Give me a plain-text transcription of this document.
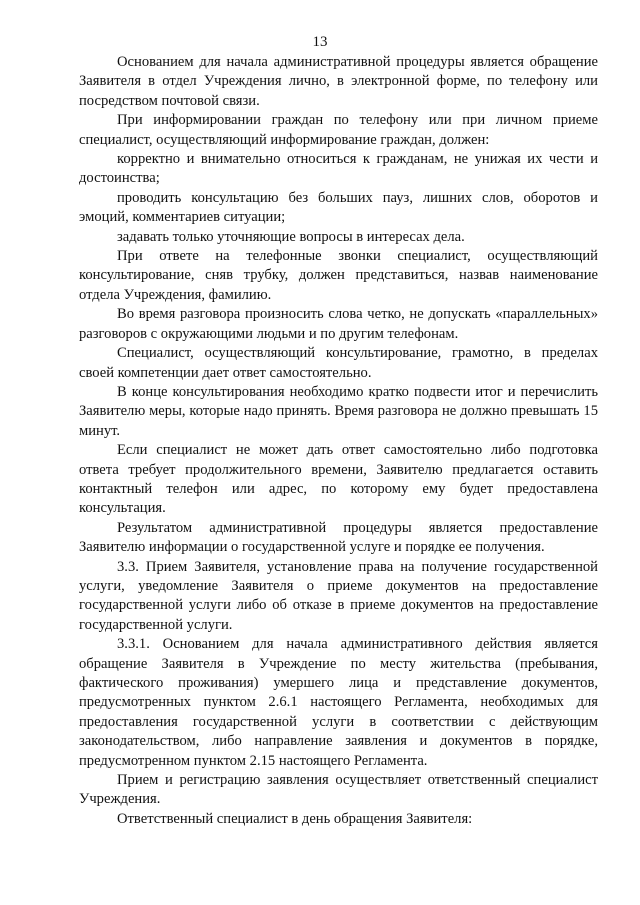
13

Основанием для начала административной процедуры является обращение Заявителя в отдел Учреждения лично, в электронной форме, по телефону или посредством почтовой связи.

При информировании граждан по телефону или при личном приеме специалист, осуществляющий информирование граждан, должен:

корректно и внимательно относиться к гражданам, не унижая их чести и достоинства;

проводить консультацию без больших пауз, лишних слов, оборотов и эмоций, комментариев ситуации;

задавать только уточняющие вопросы в интересах дела.

При ответе на телефонные звонки специалист, осуществляющий консультирование, сняв трубку, должен представиться, назвав наименование отдела Учреждения, фамилию.

Во время разговора произносить слова четко, не допускать «параллельных» разговоров с окружающими людьми и по другим телефонам.

Специалист, осуществляющий консультирование, грамотно, в пределах своей компетенции дает ответ самостоятельно.

В конце консультирования необходимо кратко подвести итог и перечислить Заявителю меры, которые надо принять. Время разговора не должно превышать 15 минут.

Если специалист не может дать ответ самостоятельно либо подготовка ответа требует продолжительного времени, Заявителю предлагается оставить контактный телефон или адрес, по которому ему будет предоставлена консультация.

Результатом административной процедуры является предоставление Заявителю информации о государственной услуге и порядке ее получения.

3.3. Прием Заявителя, установление права на получение государственной услуги, уведомление Заявителя о приеме документов на предоставление государственной услуги либо об отказе в приеме документов на предоставление государственной услуги.

3.3.1. Основанием для начала административного действия является обращение Заявителя в Учреждение по месту жительства (пребывания, фактического проживания) умершего лица и представление документов, предусмотренных пунктом 2.6.1 настоящего Регламента, необходимых для предоставления государственной услуги в соответствии с действующим законодательством, либо направление заявления и документов в порядке, предусмотренном пунктом 2.15 настоящего Регламента.

Прием и регистрацию заявления осуществляет ответственный специалист Учреждения.

Ответственный специалист в день обращения Заявителя:
